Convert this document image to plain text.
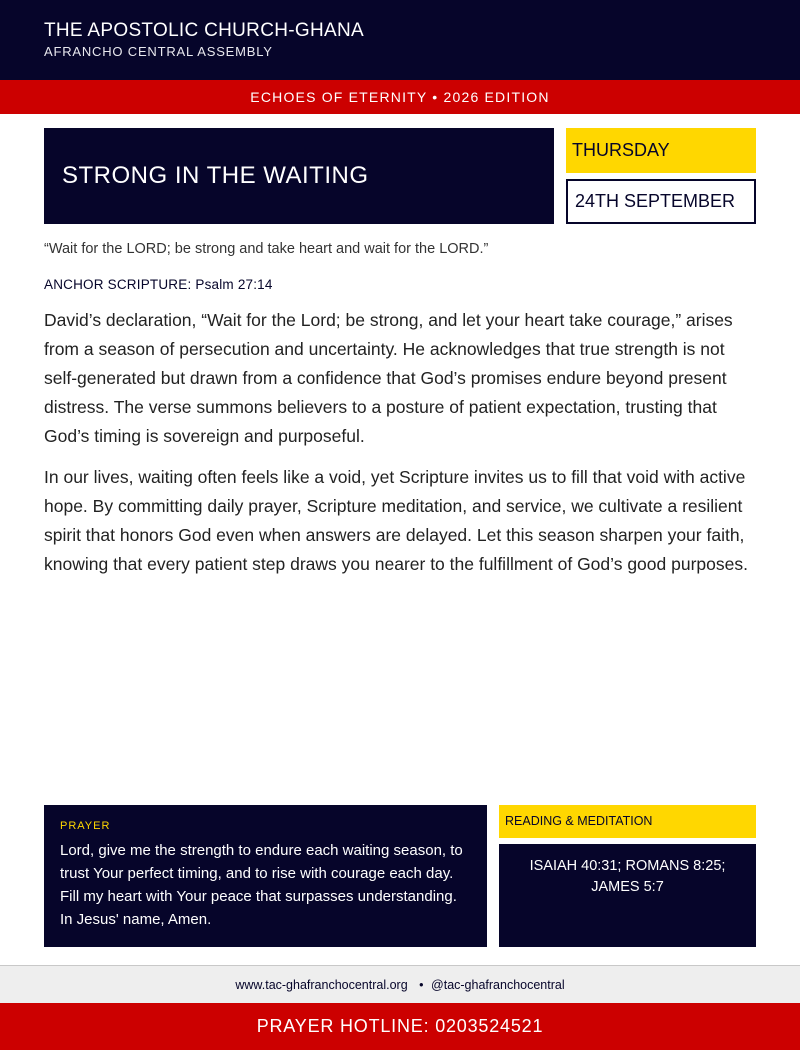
THE APOSTOLIC CHURCH-GHANA
AFRANCHO CENTRAL ASSEMBLY
ECHOES OF ETERNITY • 2026 EDITION
STRONG IN THE WAITING
THURSDAY
24TH SEPTEMBER
“Wait for the LORD; be strong and take heart and wait for the LORD.”
ANCHOR SCRIPTURE: Psalm 27:14

David’s declaration, “Wait for the Lord; be strong, and let your heart take courage,” arises from a season of persecution and uncertainty. He acknowledges that true strength is not self-generated but drawn from a confidence that God’s promises endure beyond present distress. The verse summons believers to a posture of patient expectation, trusting that God’s timing is sovereign and purposeful.

In our lives, waiting often feels like a void, yet Scripture invites us to fill that void with active hope. By committing daily prayer, Scripture meditation, and service, we cultivate a resilient spirit that honors God even when answers are delayed. Let this season sharpen your faith, knowing that every patient step draws you nearer to the fulfillment of God’s good purposes.

PRAYER
Lord, give me the strength to endure each waiting season, to trust Your perfect timing, and to rise with courage each day. Fill my heart with Your peace that surpasses understanding. In Jesus' name, Amen.
READING & MEDITATION
ISAIAH 40:31; ROMANS 8:25; JAMES 5:7
www.tac-ghafranchocentral.org • @tac-ghafranchocentral
PRAYER HOTLINE: 0203524521
